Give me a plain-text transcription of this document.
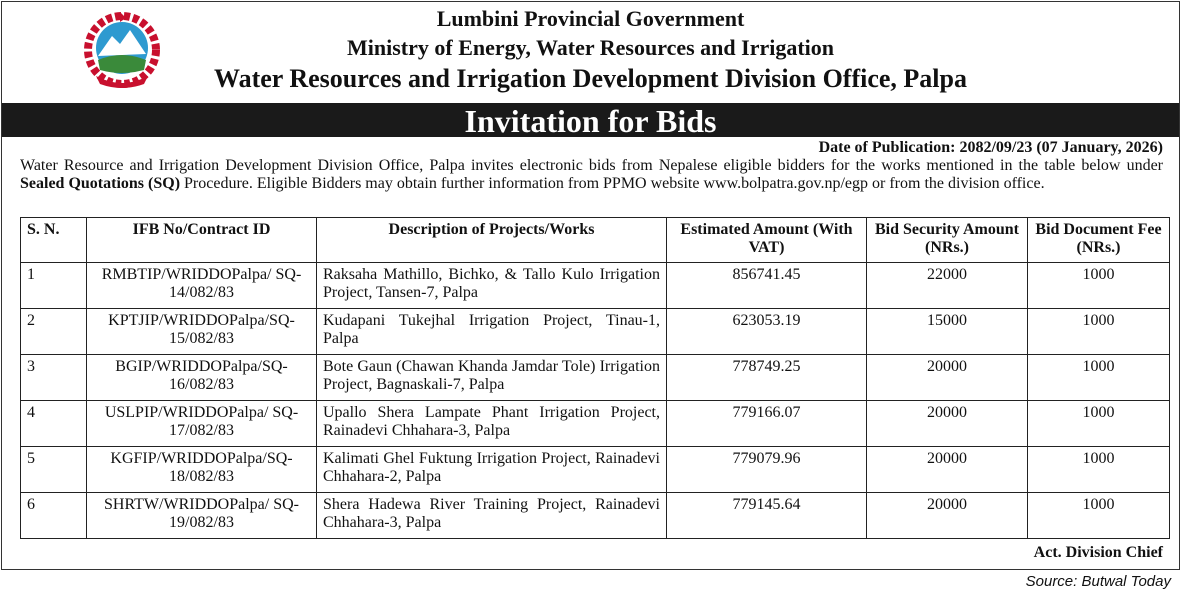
Lumbini Provincial Government
Ministry of Energy, Water Resources and Irrigation
Water Resources and Irrigation Development Division Office, Palpa
Invitation for Bids
Date of Publication: 2082/09/23 (07 January, 2026)
Water Resource and Irrigation Development Division Office, Palpa invites electronic bids from Nepalese eligible bidders for the works mentioned in the table below under Sealed Quotations (SQ) Procedure. Eligible Bidders may obtain further information from PPMO website www.bolpatra.gov.np/egp or from the division office.
S. N.	IFB No/Contract ID	Description of Projects/Works	Estimated Amount (With VAT)	Bid Security Amount (NRs.)	Bid Document Fee (NRs.)
1	RMBTIP/WRIDDOPalpa/ SQ-14/082/83	Raksaha Mathillo, Bichko, & Tallo Kulo Irrigation Project, Tansen-7, Palpa	856741.45	22000	1000
2	KPTJIP/WRIDDOPalpa/SQ-15/082/83	Kudapani Tukejhal Irrigation Project, Tinau-1, Palpa	623053.19	15000	1000
3	BGIP/WRIDDOPalpa/SQ-16/082/83	Bote Gaun (Chawan Khanda Jamdar Tole) Irrigation Project, Bagnaskali-7, Palpa	778749.25	20000	1000
4	USLPIP/WRIDDOPalpa/ SQ-17/082/83	Upallo Shera Lampate Phant Irrigation Project, Rainadevi Chhahara-3, Palpa	779166.07	20000	1000
5	KGFIP/WRIDDOPalpa/SQ-18/082/83	Kalimati Ghel Fuktung Irrigation Project, Rainadevi Chhahara-2, Palpa	779079.96	20000	1000
6	SHRTW/WRIDDOPalpa/ SQ-19/082/83	Shera Hadewa River Training Project, Rainadevi Chhahara-3, Palpa	779145.64	20000	1000
Act. Division Chief
Source: Butwal Today
